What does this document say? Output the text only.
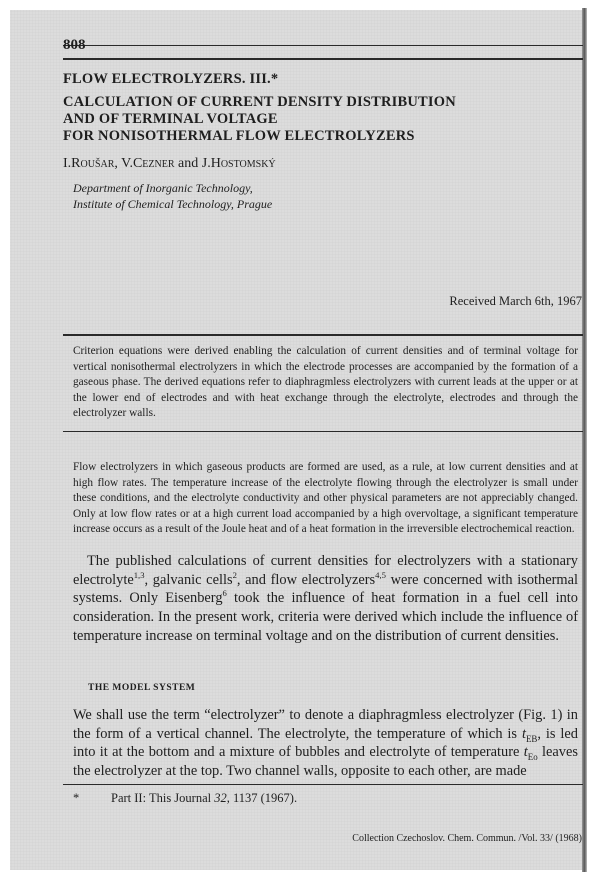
808
FLOW ELECTROLYZERS. III.*
CALCULATION OF CURRENT DENSITY DISTRIBUTION
AND OF TERMINAL VOLTAGE
FOR NONISOTHERMAL FLOW ELECTROLYZERS
I.Roušar, V.Cezner and J.Hostomský
Department of Inorganic Technology,
Institute of Chemical Technology, Prague
Received March 6th, 1967
Criterion equations were derived enabling the calculation of current densities and of terminal voltage for vertical nonisothermal electrolyzers in which the electrode processes are accompanied by the formation of a gaseous phase. The derived equations refer to diaphragmless electrolyzers with current leads at the upper or at the lower end of electrodes and with heat exchange through the electrolyte, electrodes and through the electrolyzer walls.
Flow electrolyzers in which gaseous products are formed are used, as a rule, at low current densities and at high flow rates. The temperature increase of the electrolyte flowing through the electrolyzer is small under these conditions, and the electrolyte conductivity and other physical parameters are not appreciably changed. Only at low flow rates or at a high current load accompanied by a high overvoltage, a significant temperature increase occurs as a result of the Joule heat and of a heat formation in the irreversible electrochemical reaction.
The published calculations of current densities for electrolyzers with a stationary electrolyte$^{1,3}$, galvanic cells$^2$, and flow electrolyzers$^{4,5}$ were concerned with isothermal systems. Only Eisenberg$^6$ took the influence of heat formation in a fuel cell into consideration. In the present work, criteria were derived which include the influence of temperature increase on terminal voltage and on the distribution of current densities.
THE MODEL SYSTEM
We shall use the term “electrolyzer” to denote a diaphragmless electrolyzer (Fig. 1) in the form of a vertical channel. The electrolyte, the temperature of which is $t_{EB}$, is led into it at the bottom and a mixture of bubbles and electrolyte of temperature $t_{Eo}$ leaves the electrolyzer at the top. Two channel walls, opposite to each other, are made
*	Part II: This Journal 32, 1137 (1967).
Collection Czechoslov. Chem. Commun. /Vol. 33/ (1968)
